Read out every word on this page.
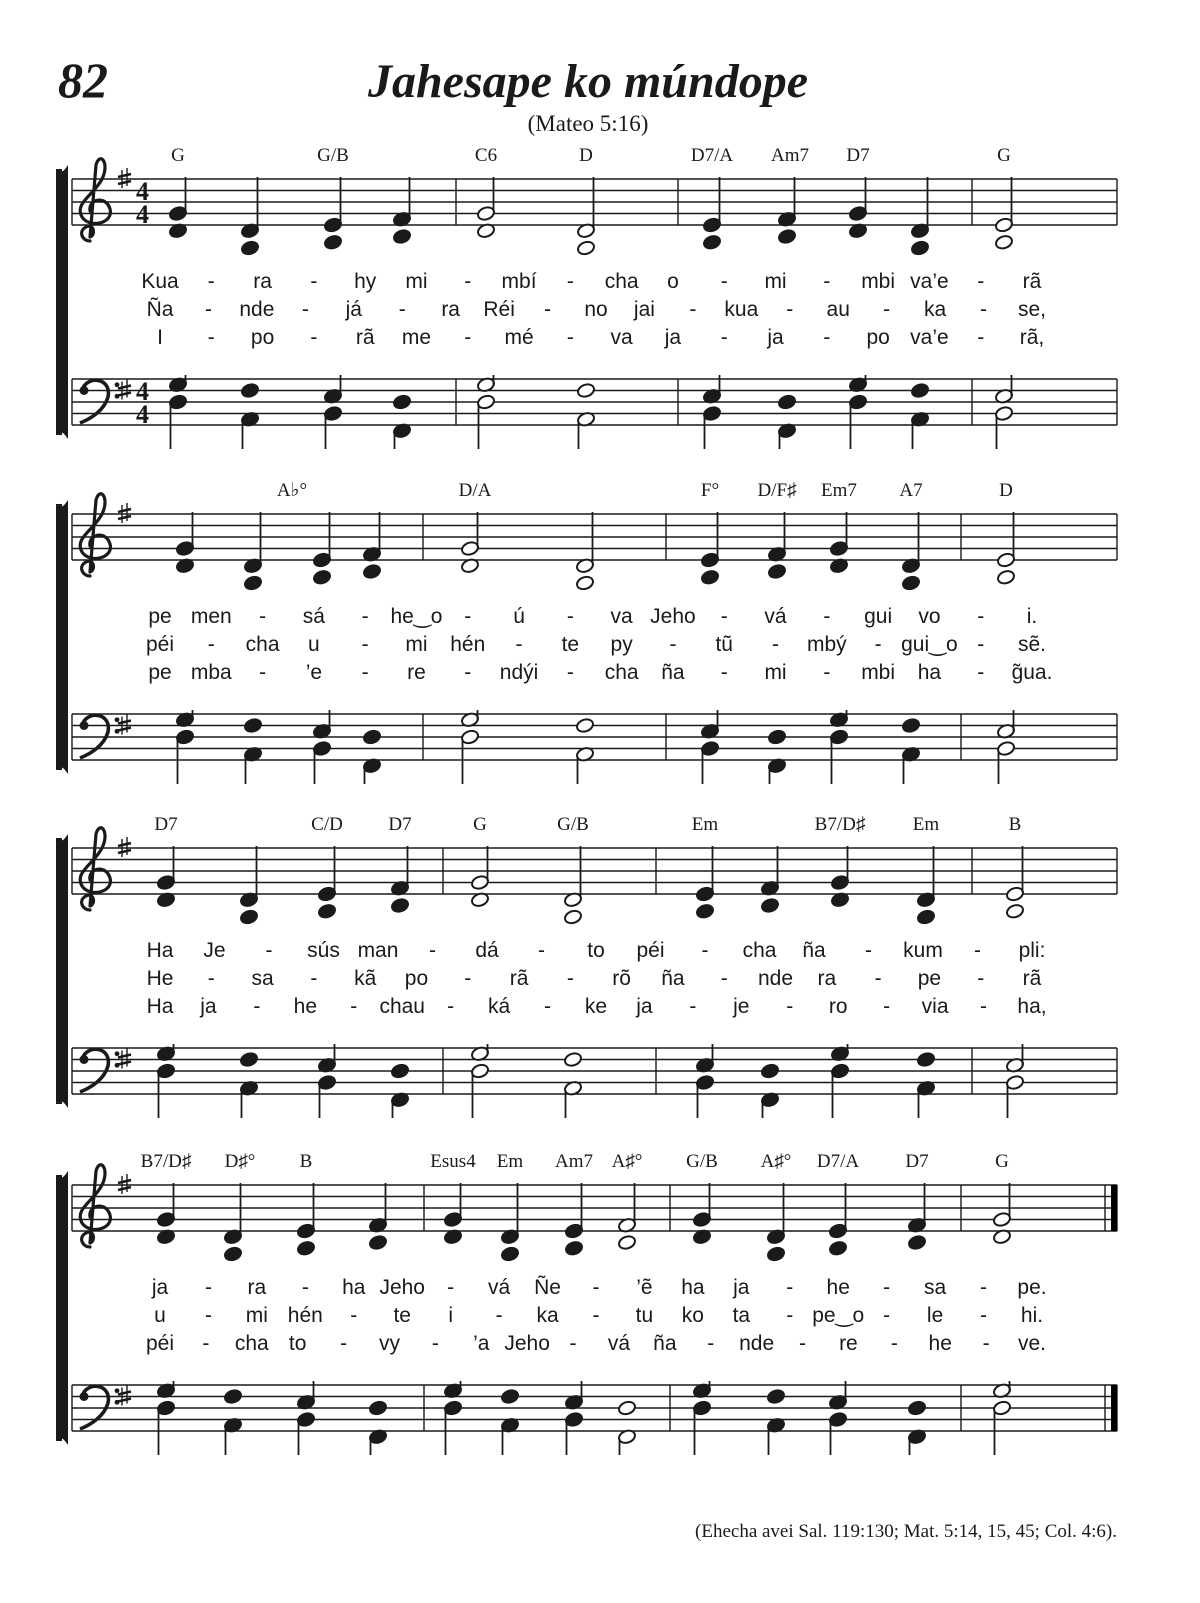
82	Jahesape ko múndope
(Mateo 5:16)
4
4
4
4
G	G/B	C6	D	D7/A Am7 D7	G
Kua - ra - hy mi - mbí - cha o - mi - mbi va’e - rã
Ña - nde - já - ra Réi - no jai - kua - au - ka - se,
I - po - rã me - mé - va ja - ja - po va’e - rã,
A♭°	D/A	F° D/F♯ Em7 A7	D
pe men - sá - he‿o - ú - va Jeho - vá - gui vo - i.
péi - cha u - mi hén - te py - tũ - mbý - gui‿o - sẽ.
pe mba - ’e - re - ndýi - cha ña - mi - mbi ha - g̃ua.
D7	C/D D7	G	G/B	Em	B7/D♯ Em	B
Ha Je - sús man - dá - to péi - cha ña - kum - pli:
He - sa - kã po - rã - rõ ña - nde ra - pe - rã
Ha ja - he - chau - ká - ke ja - je - ro - via - ha,
B7/D♯ D♯° B	Esus4 Em Am7 A♯° G/B A♯° D7/A D7	G
ja - ra - ha Jeho - vá Ñe - ’ẽ ha ja - he - sa - pe.
u - mi hén - te i - ka - tu ko ta - pe‿o - le - hi.
péi - cha to - vy - ’a Jeho - vá ña - nde - re - he - ve.
(Ehecha avei Sal. 119:130; Mat. 5:14, 15, 45; Col. 4:6).
